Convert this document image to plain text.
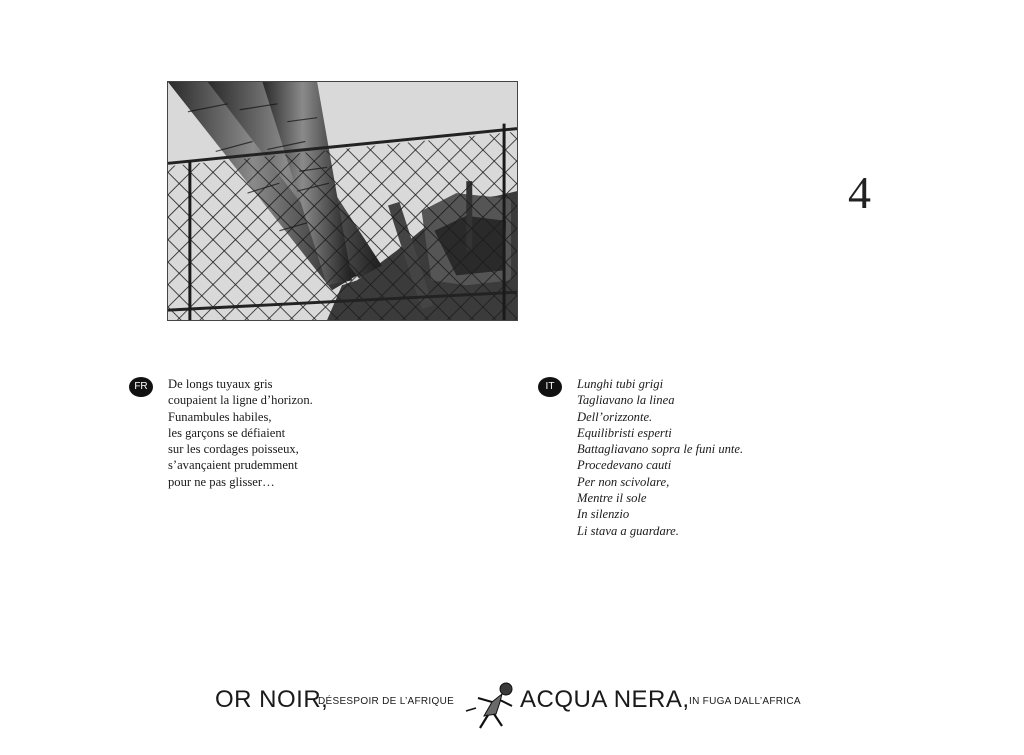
4
FR	De longs tuyaux gris
coupaient la ligne d’horizon.
Funambules habiles,
les garçons se défiaient
sur les cordages poisseux,
s’avançaient prudemment
pour ne pas glisser…
IT	Lunghi tubi grigi
Tagliavano la linea
Dell’orizzonte.
Equilibristi esperti
Battagliavano sopra le funi unte.
Procedevano cauti
Per non scivolare,
Mentre il sole
In silenzio
Li stava a guardare.
OR NOIR,
DÉSESPOIR DE L’AFRIQUE	ACQUA NERA, IN FUGA DALL’AFRICA
